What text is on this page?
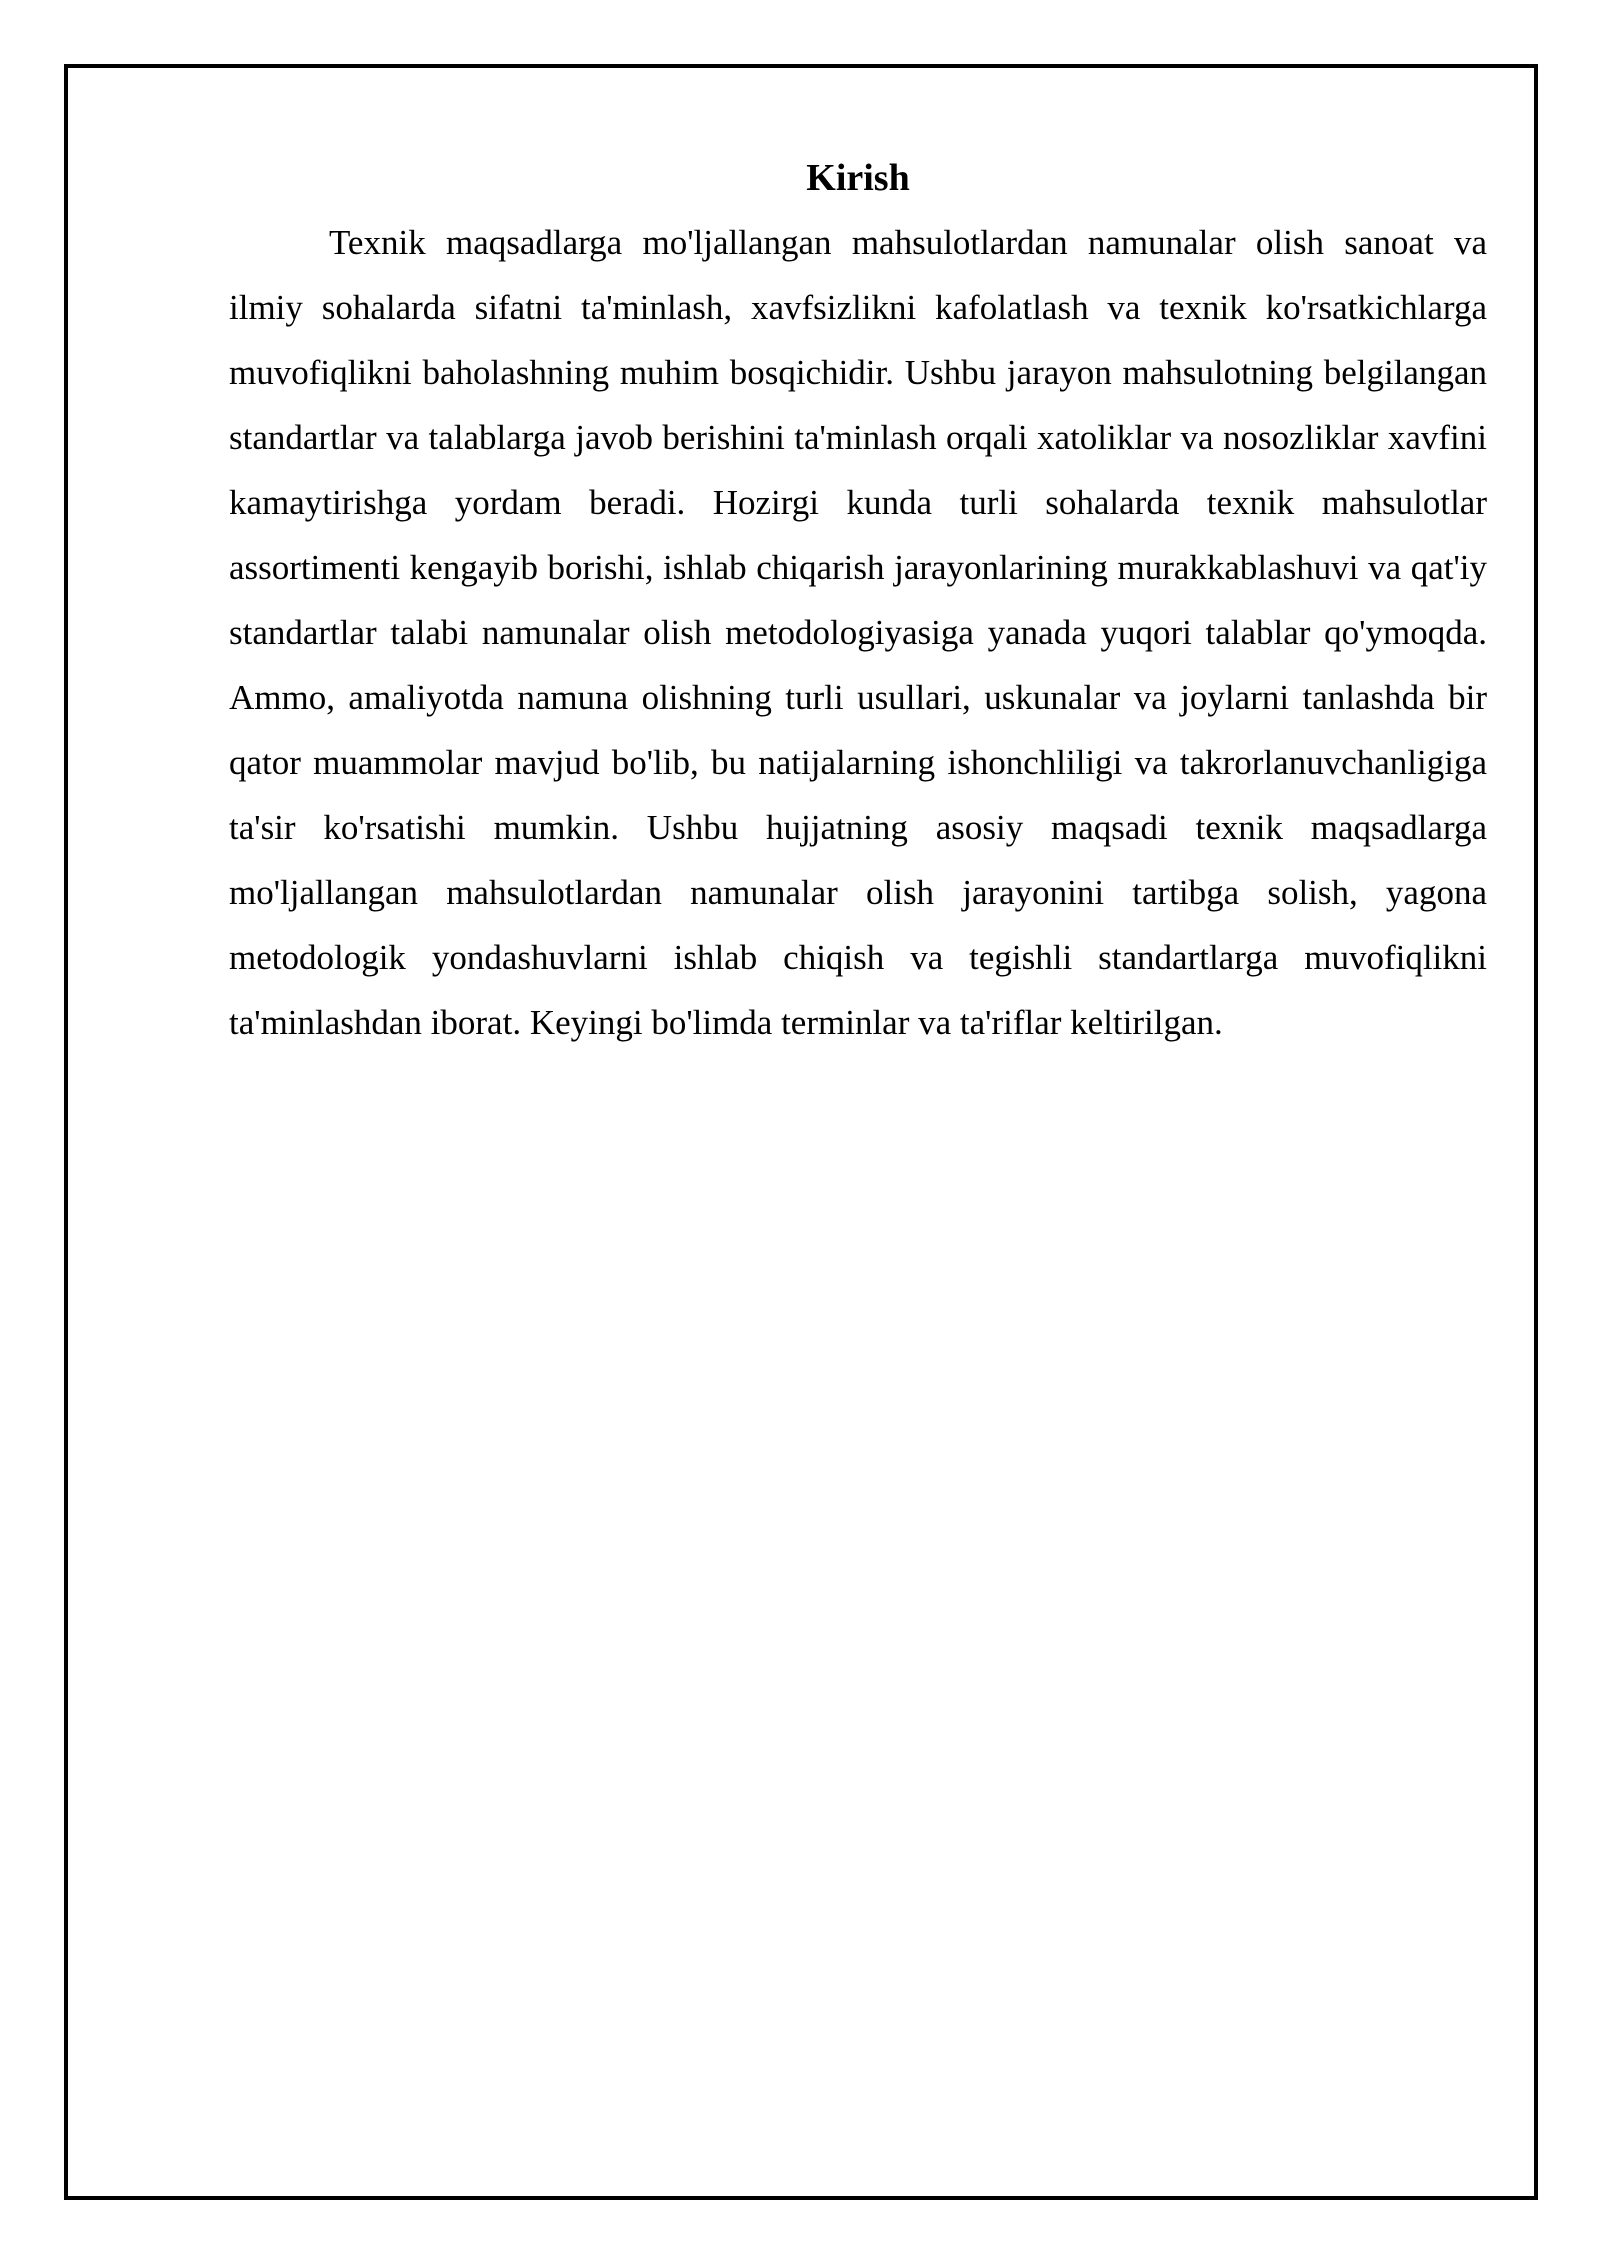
Kirish

Texnik maqsadlarga mo'ljallangan mahsulotlardan namunalar olish sanoat va ilmiy sohalarda sifatni ta'minlash, xavfsizlikni kafolatlash va texnik ko'rsatkichlarga muvofiqlikni baholashning muhim bosqichidir. Ushbu jarayon mahsulotning belgilangan standartlar va talablarga javob berishini ta'minlash orqali xatoliklar va nosozliklar xavfini kamaytirishga yordam beradi. Hozirgi kunda turli sohalarda texnik mahsulotlar assortimenti kengayib borishi, ishlab chiqarish jarayonlarining murakkablashuvi va qat'iy standartlar talabi namunalar olish metodologiyasiga yanada yuqori talablar qo'ymoqda. Ammo, amaliyotda namuna olishning turli usullari, uskunalar va joylarni tanlashda bir qator muammolar mavjud bo'lib, bu natijalarning ishonchliligi va takrorlanuvchanligiga ta'sir ko'rsatishi mumkin. Ushbu hujjatning asosiy maqsadi texnik maqsadlarga mo'ljallangan mahsulotlardan namunalar olish jarayonini tartibga solish, yagona metodologik yondashuvlarni ishlab chiqish va tegishli standartlarga muvofiqlikni ta'minlashdan iborat. Keyingi bo'limda terminlar va ta'riflar keltirilgan.
